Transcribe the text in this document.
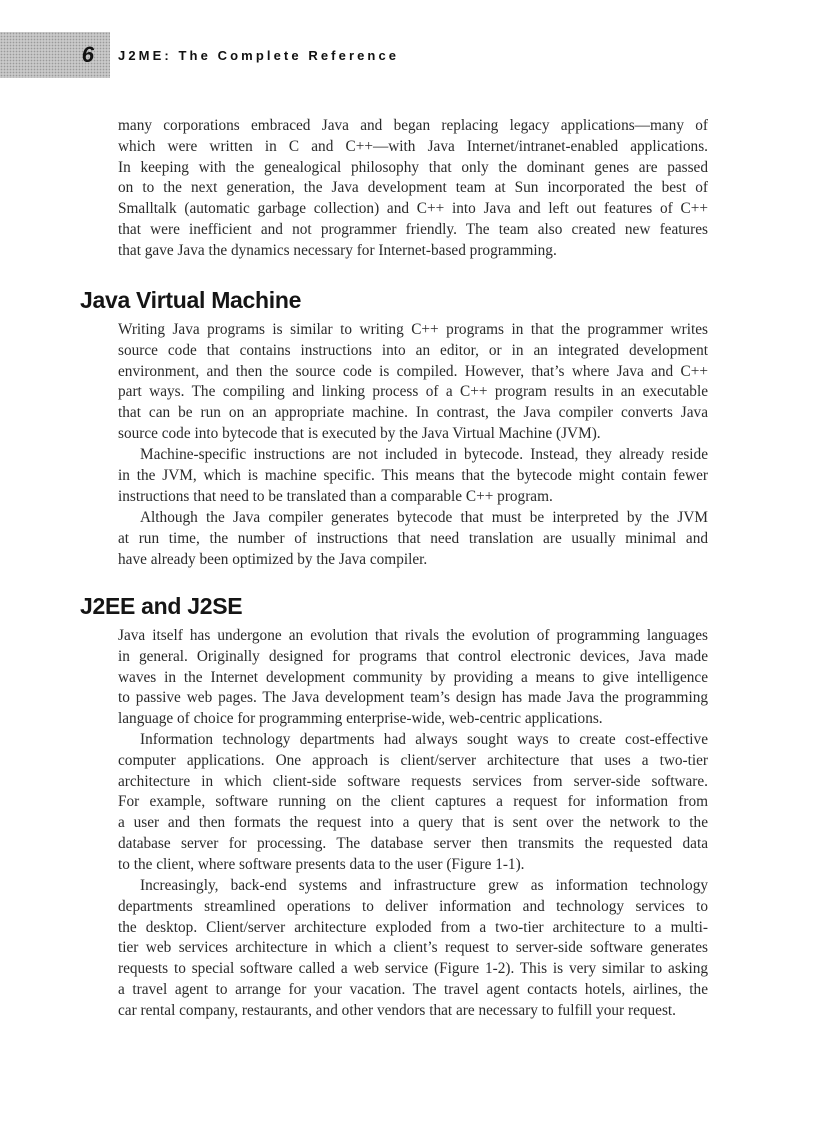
6 J2ME: The Complete Reference

many corporations embraced Java and began replacing legacy applications—many of
which were written in C and C++—with Java Internet/intranet-enabled applications.
In keeping with the genealogical philosophy that only the dominant genes are passed
on to the next generation, the Java development team at Sun incorporated the best of
Smalltalk (automatic garbage collection) and C++ into Java and left out features of C++
that were inefficient and not programmer friendly. The team also created new features
that gave Java the dynamics necessary for Internet-based programming.

Java Virtual Machine

Writing Java programs is similar to writing C++ programs in that the programmer writes
source code that contains instructions into an editor, or in an integrated development
environment, and then the source code is compiled. However, that’s where Java and C++
part ways. The compiling and linking process of a C++ program results in an executable
that can be run on an appropriate machine. In contrast, the Java compiler converts Java
source code into bytecode that is executed by the Java Virtual Machine (JVM).

Machine-specific instructions are not included in bytecode. Instead, they already reside
in the JVM, which is machine specific. This means that the bytecode might contain fewer
instructions that need to be translated than a comparable C++ program.

Although the Java compiler generates bytecode that must be interpreted by the JVM
at run time, the number of instructions that need translation are usually minimal and
have already been optimized by the Java compiler.

J2EE and J2SE

Java itself has undergone an evolution that rivals the evolution of programming languages
in general. Originally designed for programs that control electronic devices, Java made
waves in the Internet development community by providing a means to give intelligence
to passive web pages. The Java development team’s design has made Java the programming
language of choice for programming enterprise-wide, web-centric applications.

Information technology departments had always sought ways to create cost-effective
computer applications. One approach is client/server architecture that uses a two-tier
architecture in which client-side software requests services from server-side software.
For example, software running on the client captures a request for information from
a user and then formats the request into a query that is sent over the network to the
database server for processing. The database server then transmits the requested data
to the client, where software presents data to the user (Figure 1-1).

Increasingly, back-end systems and infrastructure grew as information technology
departments streamlined operations to deliver information and technology services to
the desktop. Client/server architecture exploded from a two-tier architecture to a multi-
tier web services architecture in which a client’s request to server-side software generates
requests to special software called a web service (Figure 1-2). This is very similar to asking
a travel agent to arrange for your vacation. The travel agent contacts hotels, airlines, the
car rental company, restaurants, and other vendors that are necessary to fulfill your request.
